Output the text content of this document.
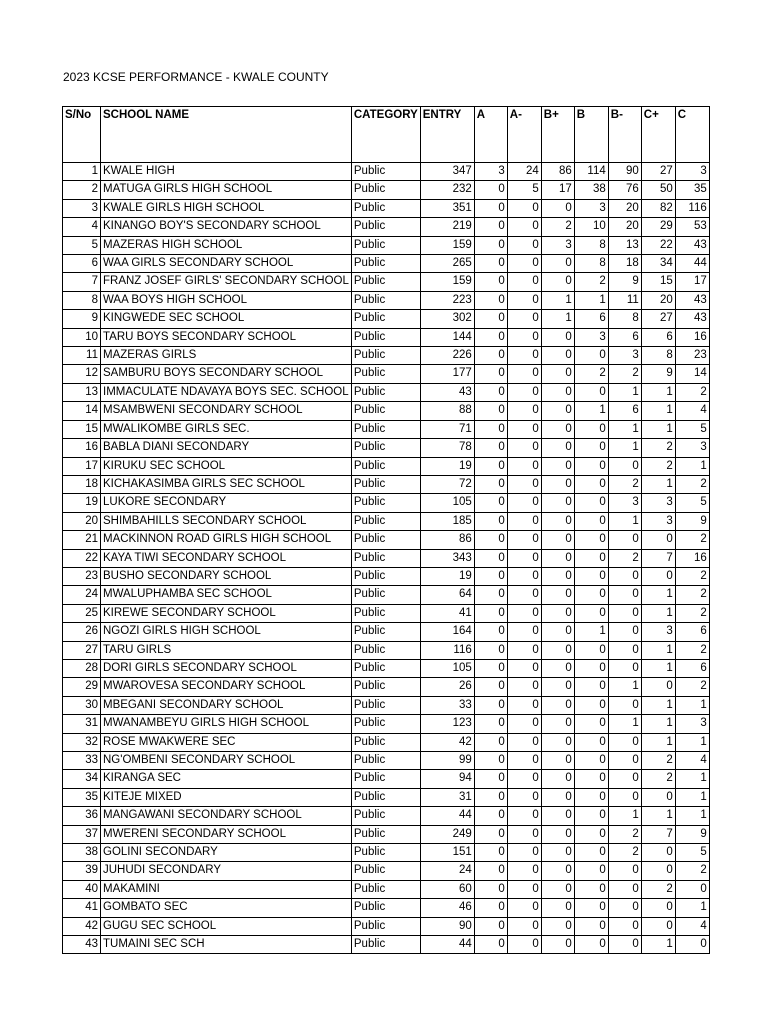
2023 KCSE PERFORMANCE - KWALE COUNTY
S/No	SCHOOL NAME	CATEGORY	ENTRY	A	A-	B+	B	B-	C+	C
1	KWALE HIGH	Public	347	3	24	86	114	90	27	3
2	MATUGA GIRLS HIGH SCHOOL	Public	232	0	5	17	38	76	50	35
3	KWALE GIRLS HIGH SCHOOL	Public	351	0	0	0	3	20	82	116
4	KINANGO BOY'S SECONDARY SCHOOL	Public	219	0	0	2	10	20	29	53
5	MAZERAS HIGH SCHOOL	Public	159	0	0	3	8	13	22	43
6	WAA GIRLS SECONDARY SCHOOL	Public	265	0	0	0	8	18	34	44
7	FRANZ JOSEF GIRLS' SECONDARY SCHOOL	Public	159	0	0	0	2	9	15	17
8	WAA BOYS HIGH SCHOOL	Public	223	0	0	1	1	11	20	43
9	KINGWEDE SEC SCHOOL	Public	302	0	0	1	6	8	27	43
10	TARU BOYS SECONDARY SCHOOL	Public	144	0	0	0	3	6	6	16
11	MAZERAS GIRLS	Public	226	0	0	0	0	3	8	23
12	SAMBURU BOYS SECONDARY SCHOOL	Public	177	0	0	0	2	2	9	14
13	IMMACULATE NDAVAYA BOYS SEC. SCHOOL	Public	43	0	0	0	0	1	1	2
14	MSAMBWENI SECONDARY SCHOOL	Public	88	0	0	0	1	6	1	4
15	MWALIKOMBE GIRLS SEC.	Public	71	0	0	0	0	1	1	5
16	BABLA DIANI SECONDARY	Public	78	0	0	0	0	1	2	3
17	KIRUKU SEC SCHOOL	Public	19	0	0	0	0	0	2	1
18	KICHAKASIMBA GIRLS SEC SCHOOL	Public	72	0	0	0	0	2	1	2
19	LUKORE SECONDARY	Public	105	0	0	0	0	3	3	5
20	SHIMBAHILLS SECONDARY SCHOOL	Public	185	0	0	0	0	1	3	9
21	MACKINNON ROAD GIRLS HIGH SCHOOL	Public	86	0	0	0	0	0	0	2
22	KAYA TIWI SECONDARY SCHOOL	Public	343	0	0	0	0	2	7	16
23	BUSHO SECONDARY SCHOOL	Public	19	0	0	0	0	0	0	2
24	MWALUPHAMBA SEC SCHOOL	Public	64	0	0	0	0	0	1	2
25	KIREWE SECONDARY SCHOOL	Public	41	0	0	0	0	0	1	2
26	NGOZI GIRLS HIGH SCHOOL	Public	164	0	0	0	1	0	3	6
27	TARU GIRLS	Public	116	0	0	0	0	0	1	2
28	DORI GIRLS SECONDARY SCHOOL	Public	105	0	0	0	0	0	1	6
29	MWAROVESA SECONDARY SCHOOL	Public	26	0	0	0	0	1	0	2
30	MBEGANI SECONDARY SCHOOL	Public	33	0	0	0	0	0	1	1
31	MWANAMBEYU GIRLS HIGH SCHOOL	Public	123	0	0	0	0	1	1	3
32	ROSE MWAKWERE SEC	Public	42	0	0	0	0	0	1	1
33	NG'OMBENI SECONDARY SCHOOL	Public	99	0	0	0	0	0	2	4
34	KIRANGA SEC	Public	94	0	0	0	0	0	2	1
35	KITEJE MIXED	Public	31	0	0	0	0	0	0	1
36	MANGAWANI SECONDARY SCHOOL	Public	44	0	0	0	0	1	1	1
37	MWERENI SECONDARY SCHOOL	Public	249	0	0	0	0	2	7	9
38	GOLINI SECONDARY	Public	151	0	0	0	0	2	0	5
39	JUHUDI SECONDARY	Public	24	0	0	0	0	0	0	2
40	MAKAMINI	Public	60	0	0	0	0	0	2	0
41	GOMBATO SEC	Public	46	0	0	0	0	0	0	1
42	GUGU SEC SCHOOL	Public	90	0	0	0	0	0	0	4
43	TUMAINI SEC SCH	Public	44	0	0	0	0	0	1	0
